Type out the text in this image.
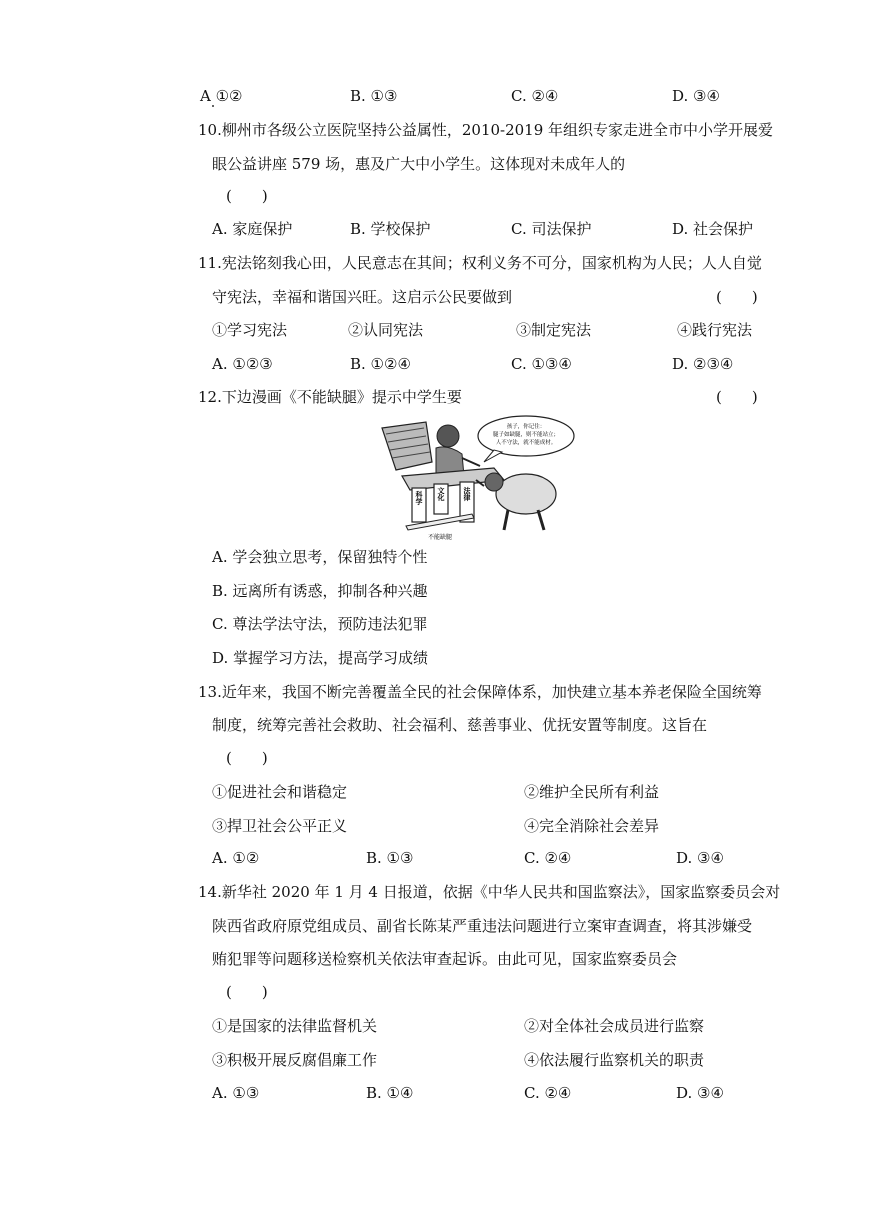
A ①②	B. ①③	C. ②④	D. ③④
10.柳州市各级公立医院坚持公益属性，2010-2019 年组织专家走进全市中小学开展爱
眼公益讲座 579 场，惠及广大中小学生。这体现对未成年人的
(　　)
A. 家庭保护	B. 学校保护	C. 司法保护	D. 社会保护
11.宪法铭刻我心田，人民意志在其间；权利义务不可分，国家机构为人民；人人自觉
守宪法，幸福和谐国兴旺。这启示公民要做到	(　　)
①学习宪法	②认同宪法	③制定宪法	④践行宪法
A. ①②③	B. ①②④	C. ①③④	D. ②③④
12.下边漫画《不能缺腿》提示中学生要	(　　)
孩子，你记住：
腿子如缺腿，则不能站立；
人不守法，就不能成材。
科学 文化	法律
不能缺腿
A. 学会独立思考，保留独特个性
B. 远离所有诱惑，抑制各种兴趣
C. 尊法学法守法，预防违法犯罪
D. 掌握学习方法，提高学习成绩
13.近年来，我国不断完善覆盖全民的社会保障体系，加快建立基本养老保险全国统筹
制度，统筹完善社会救助、社会福利、慈善事业、优抚安置等制度。这旨在
(　　)
①促进社会和谐稳定	②维护全民所有利益
③捍卫社会公平正义	④完全消除社会差异
A. ①②	B. ①③	C. ②④	D. ③④
14.新华社 2020 年 1 月 4 日报道，依据《中华人民共和国监察法》，国家监察委员会对
陕西省政府原党组成员、副省长陈某严重违法问题进行立案审查调查，将其涉嫌受
贿犯罪等问题移送检察机关依法审查起诉。由此可见，国家监察委员会
(　　)
①是国家的法律监督机关	②对全体社会成员进行监察
③积极开展反腐倡廉工作	④依法履行监察机关的职责
A. ①③	B. ①④	C. ②④	D. ③④
